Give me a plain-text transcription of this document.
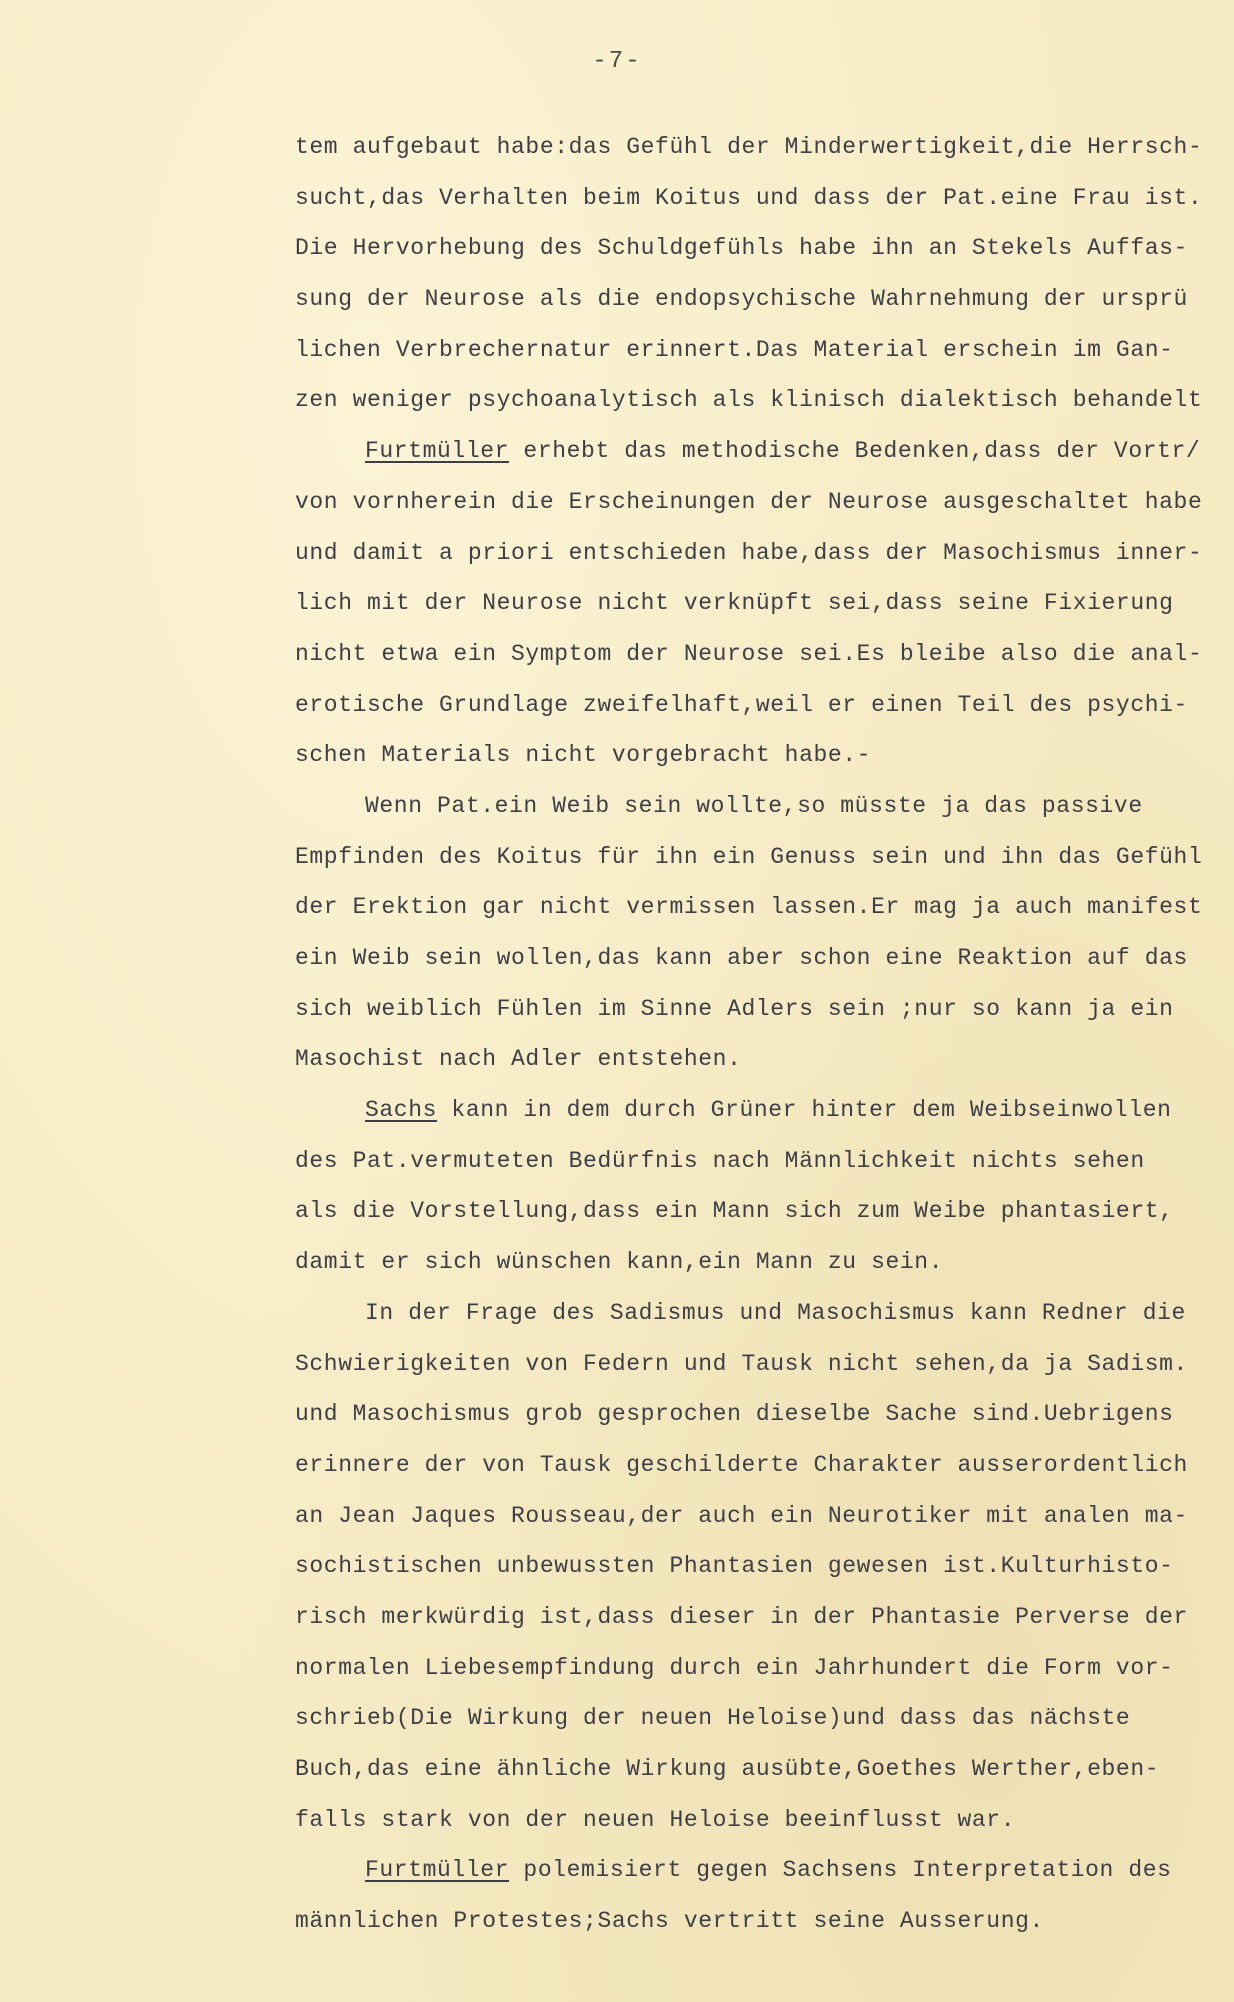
-7-
tem aufgebaut habe:das Gefühl der Minderwertigkeit,die Herrsch-
sucht,das Verhalten beim Koitus und dass der Pat.eine Frau ist.
Die Hervorhebung des Schuldgefühls habe ihn an Stekels Auffas-
sung der Neurose als die endopsychische Wahrnehmung der ursprü
lichen Verbrechernatur erinnert.Das Material erschein im Gan-
zen weniger psychoanalytisch als klinisch dialektisch behandelt
Furtmüller erhebt das methodische Bedenken,dass der Vortr/
von vornherein die Erscheinungen der Neurose ausgeschaltet habe
und damit a priori entschieden habe,dass der Masochismus inner-
lich mit der Neurose nicht verknüpft sei,dass seine Fixierung
nicht etwa ein Symptom der Neurose sei.Es bleibe also die anal-
erotische Grundlage zweifelhaft,weil er einen Teil des psychi-
schen Materials nicht vorgebracht habe.-
Wenn Pat.ein Weib sein wollte,so müsste ja das passive
Empfinden des Koitus für ihn ein Genuss sein und ihn das Gefühl
der Erektion gar nicht vermissen lassen.Er mag ja auch manifest
ein Weib sein wollen,das kann aber schon eine Reaktion auf das
sich weiblich Fühlen im Sinne Adlers sein ;nur so kann ja ein
Masochist nach Adler entstehen.
Sachs kann in dem durch Grüner hinter dem Weibseinwollen
des Pat.vermuteten Bedürfnis nach Männlichkeit nichts sehen
als die Vorstellung,dass ein Mann sich zum Weibe phantasiert,
damit er sich wünschen kann,ein Mann zu sein.
In der Frage des Sadismus und Masochismus kann Redner die
Schwierigkeiten von Federn und Tausk nicht sehen,da ja Sadism.
und Masochismus grob gesprochen dieselbe Sache sind.Uebrigens
erinnere der von Tausk geschilderte Charakter ausserordentlich
an Jean Jaques Rousseau,der auch ein Neurotiker mit analen ma-
sochistischen unbewussten Phantasien gewesen ist.Kulturhisto-
risch merkwürdig ist,dass dieser in der Phantasie Perverse der
normalen Liebesempfindung durch ein Jahrhundert die Form vor-
schrieb(Die Wirkung der neuen Heloise)und dass das nächste
Buch,das eine ähnliche Wirkung ausübte,Goethes Werther,eben-
falls stark von der neuen Heloise beeinflusst war.
Furtmüller polemisiert gegen Sachsens Interpretation des
männlichen Protestes;Sachs vertritt seine Ausserung.
